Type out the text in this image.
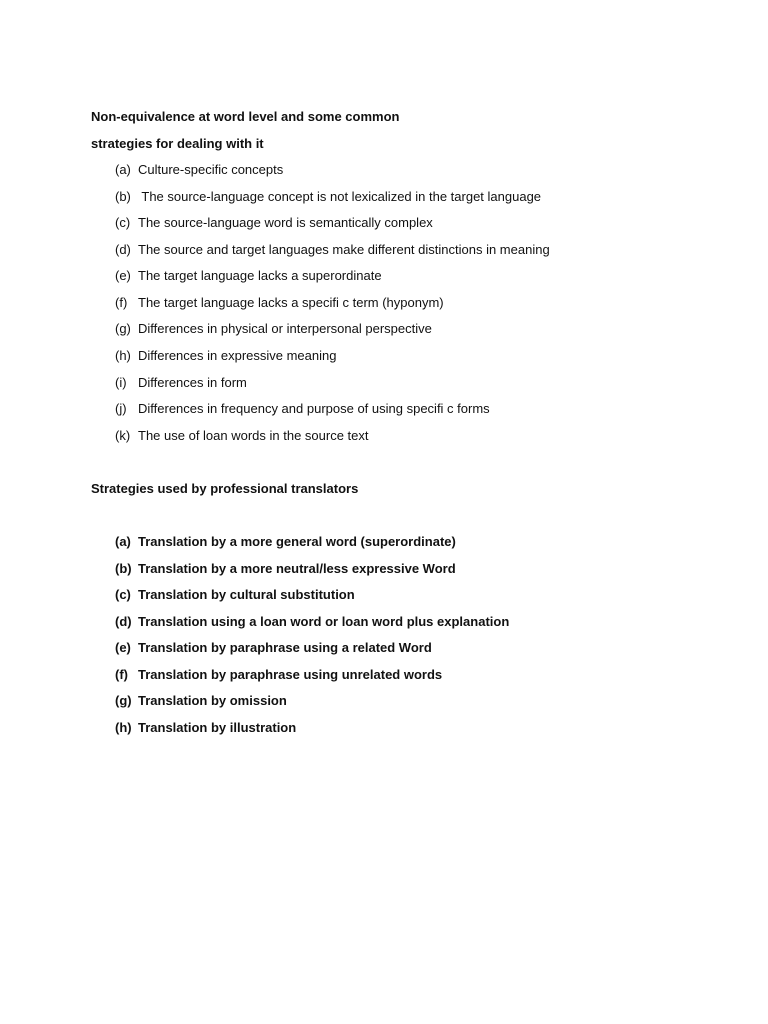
Non-equivalence at word level and some common
strategies for dealing with it
(a) Culture-specific concepts
(b) The source-language concept is not lexicalized in the target language
(c) The source-language word is semantically complex
(d) The source and target languages make different distinctions in meaning
(e) The target language lacks a superordinate
(f) The target language lacks a specifi c term (hyponym)
(g) Differences in physical or interpersonal perspective
(h) Differences in expressive meaning
(i) Differences in form
(j) Differences in frequency and purpose of using specifi c forms
(k) The use of loan words in the source text
Strategies used by professional translators
(a) Translation by a more general word (superordinate)
(b) Translation by a more neutral/less expressive Word
(c) Translation by cultural substitution
(d) Translation using a loan word or loan word plus explanation
(e) Translation by paraphrase using a related Word
(f) Translation by paraphrase using unrelated words
(g) Translation by omission
(h) Translation by illustration
